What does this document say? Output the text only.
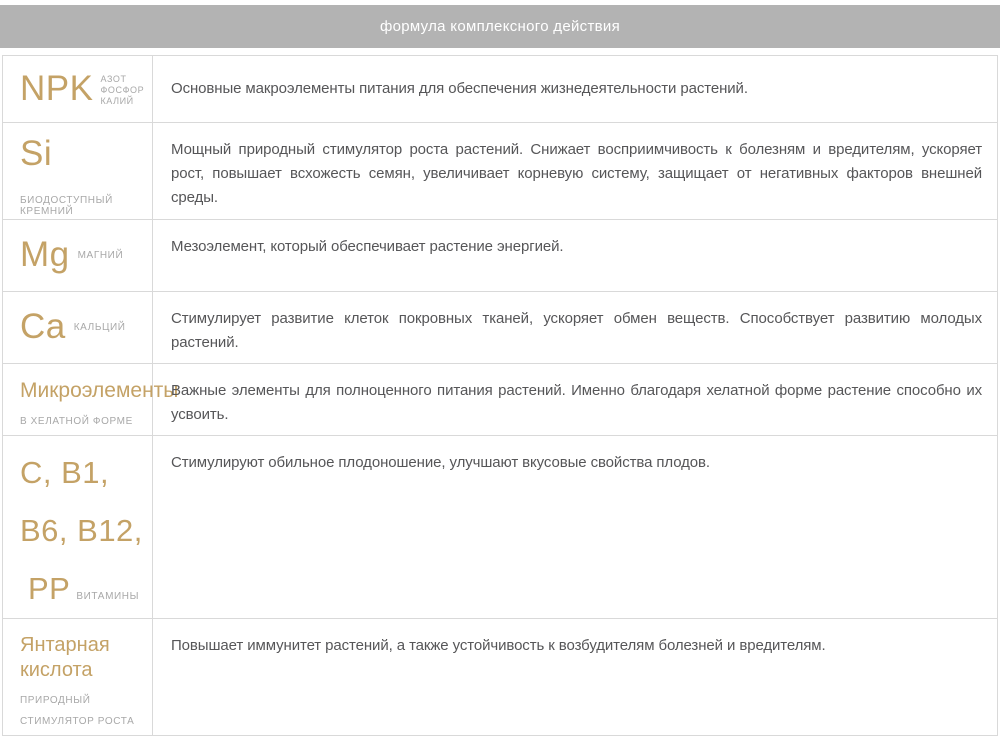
формула комплексного действия
NPK АЗОТ
ФОСФОР
КАЛИЙ
Основные макроэлементы питания для обеспечения жизнедеятельности растений.
Si
БИОДОСТУПНЫЙ КРЕМНИЙ
Мощный природный стимулятор роста растений. Снижает восприимчивость к болезням и вредителям, ускоряет рост, повышает всхожесть семян, увеличивает корневую систему, защищает от негативных факторов внешней среды.
Mg МАГНИЙ
Мезоэлемент, который обеспечивает растение энергией.
Ca КАЛЬЦИЙ
Стимулирует развитие клеток покровных тканей, ускоряет обмен веществ. Способствует развитию молодых растений.
Микроэлементы
В ХЕЛАТНОЙ ФОРМЕ
Важные элементы для полноценного питания растений. Именно благодаря хелатной форме растение способно их усвоить.
C, B1,
B6, B12,
PP ВИТАМИНЫ
Стимулируют обильное плодоношение, улучшают вкусовые свойства плодов.
Янтарная кислота
ПРИРОДНЫЙ
СТИМУЛЯТОР РОСТА
Повышает иммунитет растений, а также устойчивость к возбудителям болезней и вредителям.
